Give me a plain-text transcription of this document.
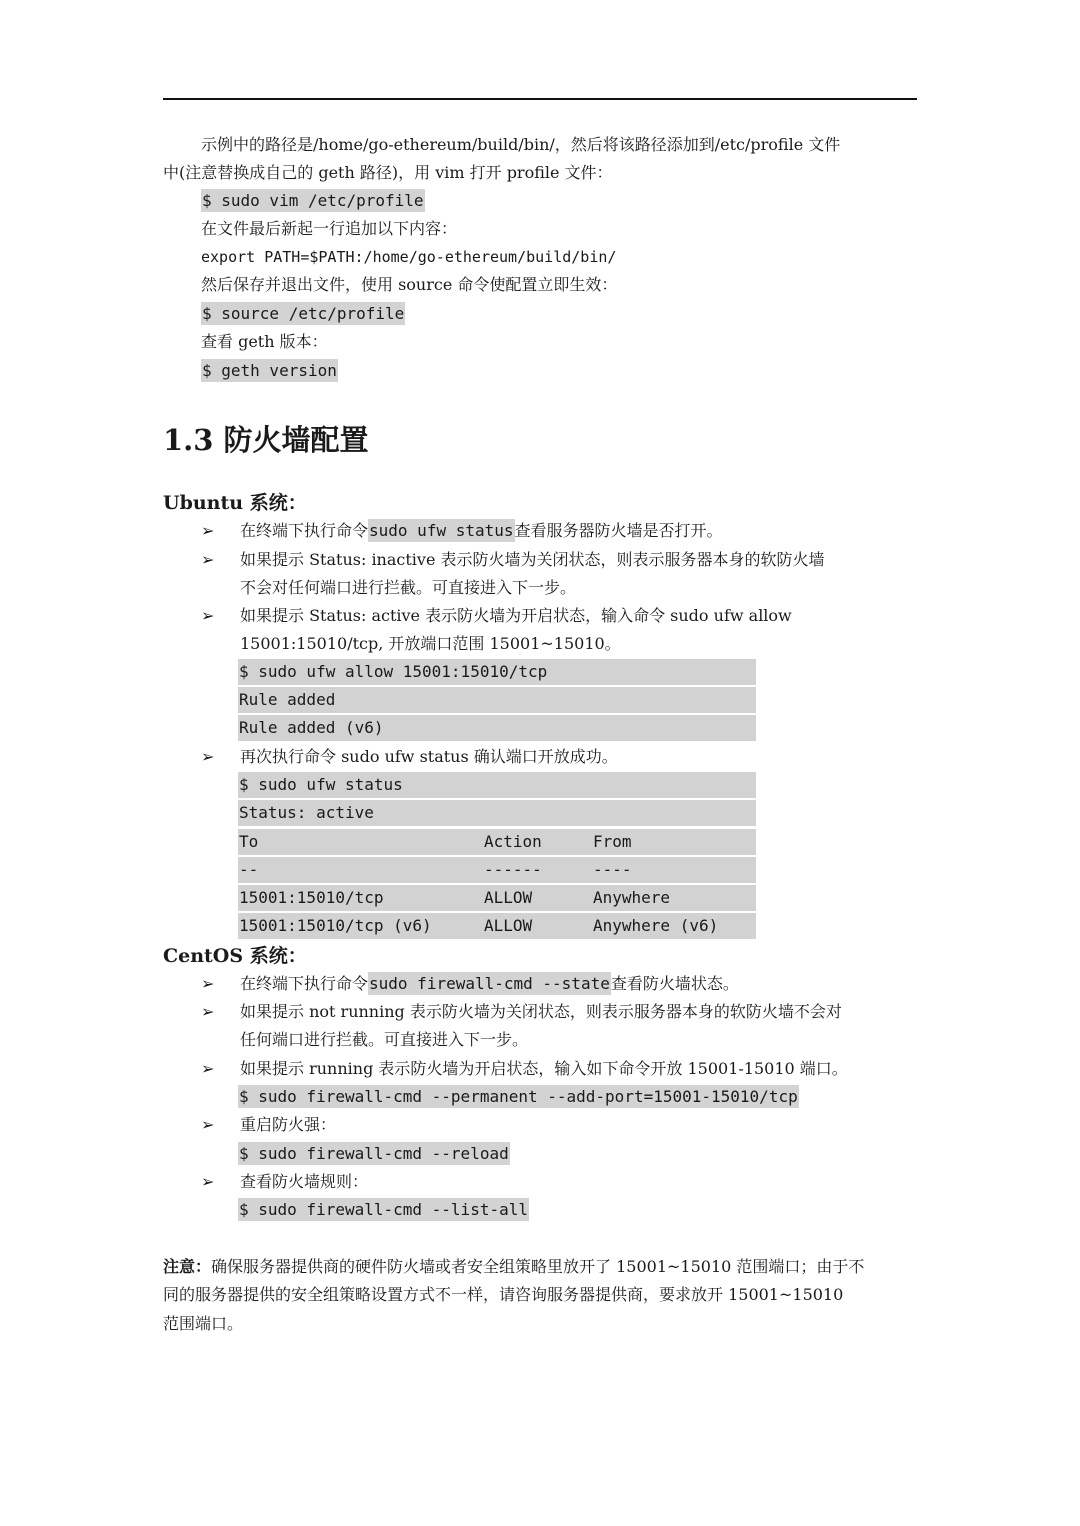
示例中的路径是/home/go-ethereum/build/bin/，然后将该路径添加到/etc/profile 文件
中(注意替换成自己的 geth 路径)，用 vim 打开 profile 文件：
$ sudo vim /etc/profile
在文件最后新起一行追加以下内容：
export PATH=$PATH:/home/go-ethereum/build/bin/
然后保存并退出文件，使用 source 命令使配置立即生效：
$ source /etc/profile
查看 geth 版本：
$ geth version
1.3 防火墙配置
Ubuntu 系统：
➢ 在终端下执行命令sudo ufw status查看服务器防火墙是否打开。
➢ 如果提示 Status: inactive 表示防火墙为关闭状态，则表示服务器本身的软防火墙
不会对任何端口进行拦截。可直接进入下一步。
➢ 如果提示 Status: active 表示防火墙为开启状态，输入命令 sudo ufw allow
15001:15010/tcp, 开放端口范围 15001~15010。
$ sudo ufw allow 15001:15010/tcp
Rule added
Rule added (v6)
➢ 再次执行命令 sudo ufw status 确认端口开放成功。
$ sudo ufw status
Status: active
To	Action	From
--	------	----
15001:15010/tcp	ALLOW	Anywhere
15001:15010/tcp (v6)	ALLOW	Anywhere (v6)
CentOS 系统：
➢ 在终端下执行命令sudo firewall-cmd --state查看防火墙状态。
➢ 如果提示 not running 表示防火墙为关闭状态，则表示服务器本身的软防火墙不会对
任何端口进行拦截。可直接进入下一步。
➢ 如果提示 running 表示防火墙为开启状态，输入如下命令开放 15001-15010 端口。
$ sudo firewall-cmd --permanent --add-port=15001-15010/tcp
➢ 重启防火强：
$ sudo firewall-cmd --reload
➢ 查看防火墙规则：
$ sudo firewall-cmd --list-all
注意：确保服务器提供商的硬件防火墙或者安全组策略里放开了 15001~15010 范围端口；由于不
同的服务器提供的安全组策略设置方式不一样，请咨询服务器提供商，要求放开 15001~15010
范围端口。
